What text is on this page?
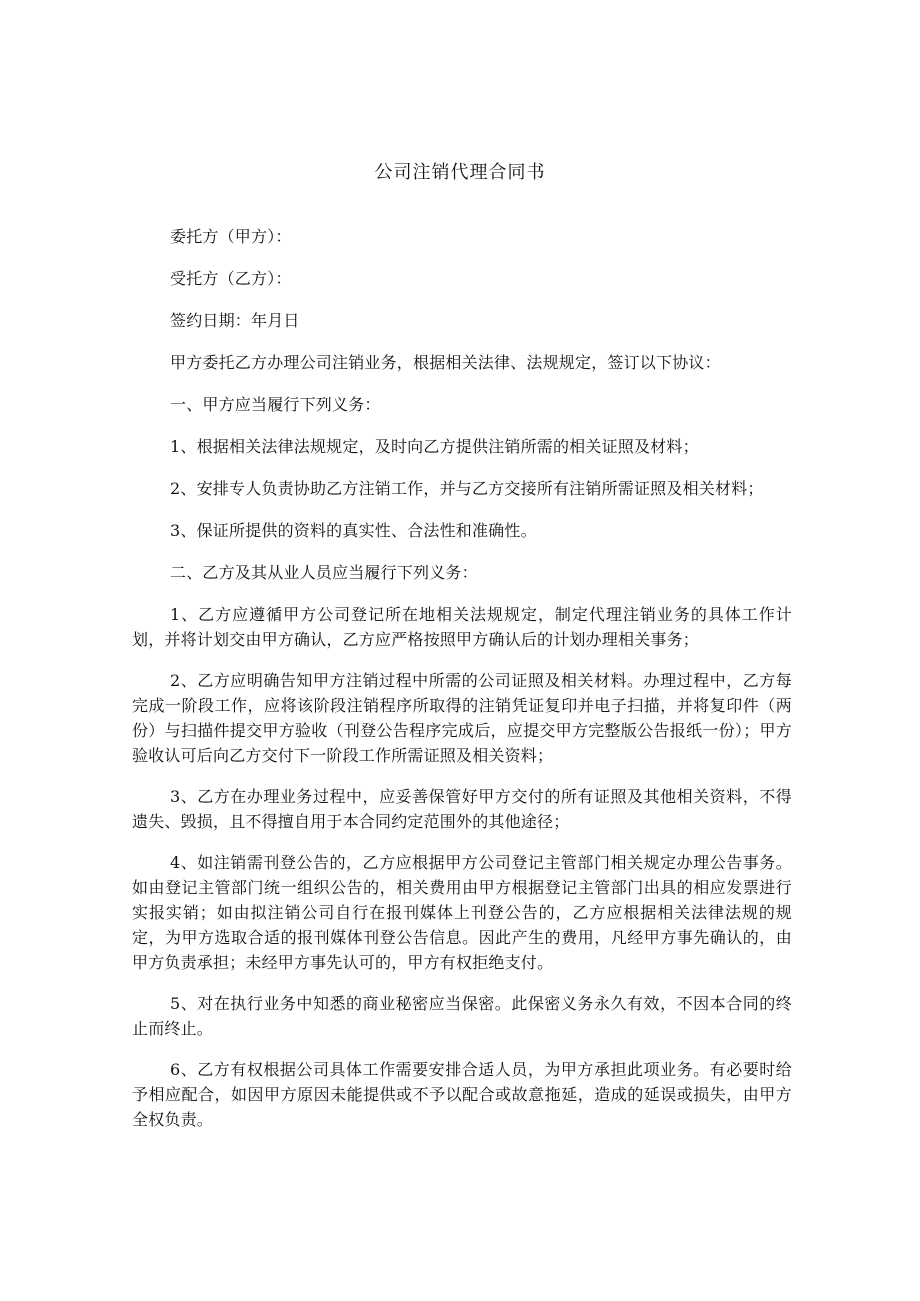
公司注销代理合同书

委托方（甲方）：

受托方（乙方）：

签约日期：年月日

甲方委托乙方办理公司注销业务，根据相关法律、法规规定，签订以下协议：

一、甲方应当履行下列义务：

1、根据相关法律法规规定，及时向乙方提供注销所需的相关证照及材料；

2、安排专人负责协助乙方注销工作，并与乙方交接所有注销所需证照及相关材料；

3、保证所提供的资料的真实性、合法性和准确性。

二、乙方及其从业人员应当履行下列义务：

1、乙方应遵循甲方公司登记所在地相关法规规定，制定代理注销业务的具体工作计划，并将计划交由甲方确认，乙方应严格按照甲方确认后的计划办理相关事务；

2、乙方应明确告知甲方注销过程中所需的公司证照及相关材料。办理过程中，乙方每完成一阶段工作，应将该阶段注销程序所取得的注销凭证复印并电子扫描，并将复印件（两份）与扫描件提交甲方验收（刊登公告程序完成后，应提交甲方完整版公告报纸一份）；甲方验收认可后向乙方交付下一阶段工作所需证照及相关资料；

3、乙方在办理业务过程中，应妥善保管好甲方交付的所有证照及其他相关资料，不得遗失、毁损，且不得擅自用于本合同约定范围外的其他途径；

4、如注销需刊登公告的，乙方应根据甲方公司登记主管部门相关规定办理公告事务。如由登记主管部门统一组织公告的，相关费用由甲方根据登记主管部门出具的相应发票进行实报实销；如由拟注销公司自行在报刊媒体上刊登公告的，乙方应根据相关法律法规的规定，为甲方选取合适的报刊媒体刊登公告信息。因此产生的费用，凡经甲方事先确认的，由甲方负责承担；未经甲方事先认可的，甲方有权拒绝支付。

5、对在执行业务中知悉的商业秘密应当保密。此保密义务永久有效，不因本合同的终止而终止。

6、乙方有权根据公司具体工作需要安排合适人员，为甲方承担此项业务。有必要时给予相应配合，如因甲方原因未能提供或不予以配合或故意拖延，造成的延误或损失，由甲方全权负责。
